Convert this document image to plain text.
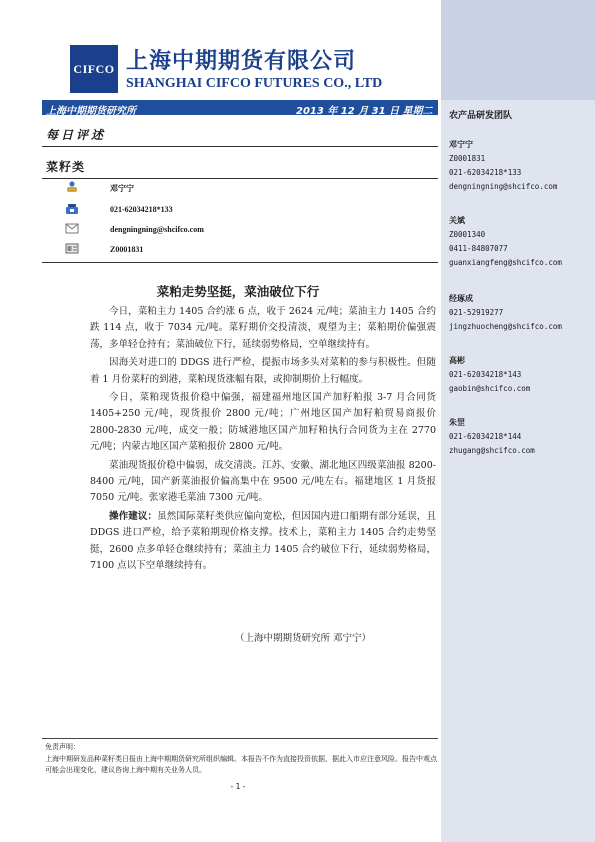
CIFCO 上海中期期货有限公司
SHANGHAI CIFCO FUTURES CO., LTD
上海中期期货研究所	2013 年 12 月 31 日 星期二
每日评述
菜籽类
邓宁宁
021-62034218*133
dengningning@shcifco.com
Z0001831
菜粕走势坚挺，菜油破位下行

今日，菜粕主力 1405 合约涨 6 点，收于 2624 元/吨；菜油主力 1405 合约跌 114 点，收于 7034 元/吨。菜籽期价交投清淡，观望为主；菜粕期价偏强震荡，多单轻仓持有；菜油破位下行，延续弱势格局，空单继续持有。

因海关对进口的 DDGS 进行严检，提振市场多头对菜粕的参与积极性。但随着 1 月份菜籽的到港，菜粕现货涨幅有限，或抑制期价上行幅度。

今日，菜粕现货报价稳中偏强，福建福州地区国产加籽粕报 3-7 月合同货 1405+250 元/吨，现货报价 2800 元/吨；广州地区国产加籽粕贸易商报价 2800-2830 元/吨，成交一般；防城港地区国产加籽粕执行合同货为主在 2770 元/吨；内蒙古地区国产菜粕报价 2800 元/吨。

菜油现货报价稳中偏弱，成交清淡。江苏、安徽、湖北地区四级菜油报 8200-8400 元/吨，国产新菜油报价偏高集中在 9500 元/吨左右。福建地区 1 月货报 7050 元/吨。张家港毛菜油 7300 元/吨。

操作建议：虽然国际菜籽类供应偏向宽松，但因国内进口船期有部分延误，且 DDGS 进口严检，给予菜粕期现价格支撑。技术上，菜粕主力 1405 合约走势坚挺，2600 点多单轻仓继续持有；菜油主力 1405 合约破位下行，延续弱势格局，7100 点以下空单继续持有。

（上海中期期货研究所 邓宁宁）
免责声明：
上海中期研发品种菜籽类日报由上海中期期货研究所组织编辑。本报告不作为直接投资依据，据此入市应注意风险。报告中观点可能会出现变化，建议咨询上海中期有关业务人员。
- 1 -
农产品研发团队
邓宁宁
Z0001831
021-62034218*133
dengningning@shcifco.com
关斌
Z0001340
0411-84807077
guanxiangfeng@shcifco.com
经琢成
021-52919277
jingzhuocheng@shcifco.com
高彬
021-62034218*143
gaobin@shcifco.com
朱罡
021-62034218*144
zhugang@shcifco.com
